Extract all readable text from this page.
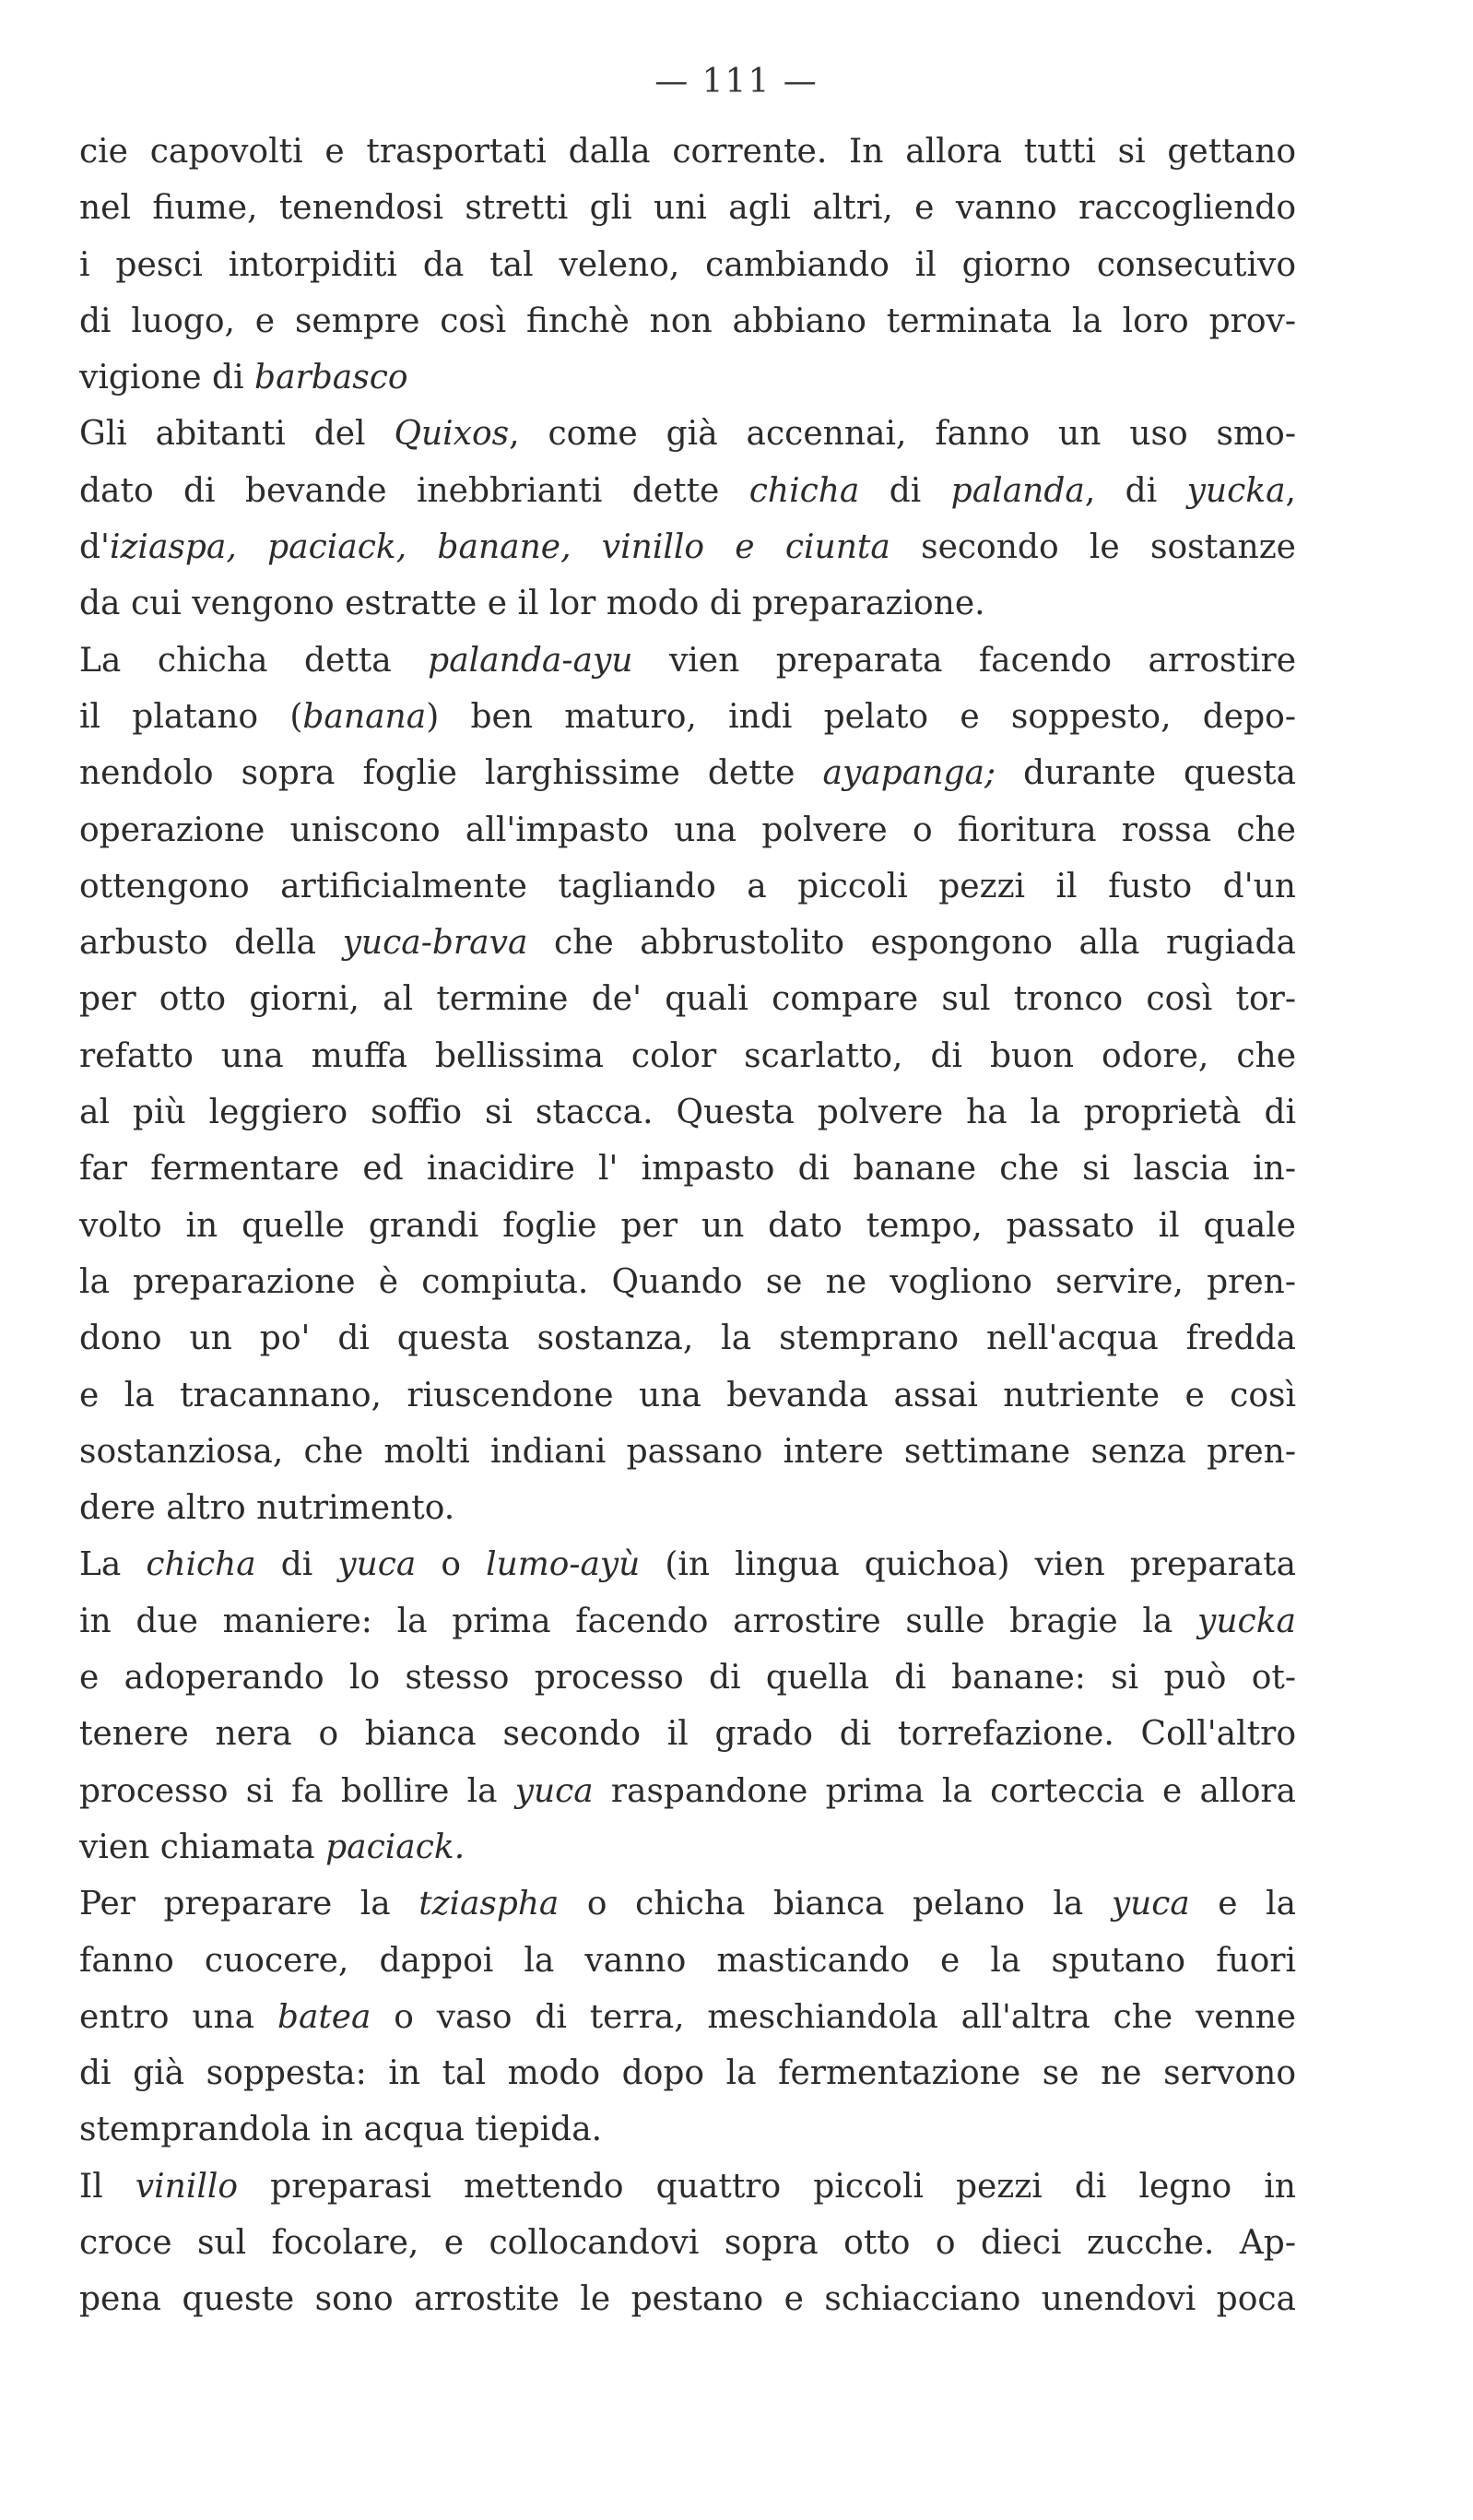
— 111 —
cie capovolti e trasportati dalla corrente. In allora tutti si gettano
nel fiume, tenendosi stretti gli uni agli altri, e vanno raccogliendo
i pesci intorpiditi da tal veleno, cambiando il giorno consecutivo
di luogo, e sempre così finchè non abbiano terminata la loro prov-
vigione di barbasco
Gli abitanti del Quixos, come già accennai, fanno un uso smo-
dato di bevande inebbrianti dette chicha di palanda, di yucka,
d'iziaspa, paciack, banane, vinillo e ciunta secondo le sostanze
da cui vengono estratte e il lor modo di preparazione.
La chicha detta palanda-ayu vien preparata facendo arrostire
il platano (banana) ben maturo, indi pelato e soppesto, depo-
nendolo sopra foglie larghissime dette ayapanga; durante questa
operazione uniscono all'impasto una polvere o fioritura rossa che
ottengono artificialmente tagliando a piccoli pezzi il fusto d'un
arbusto della yuca-brava che abbrustolito espongono alla rugiada
per otto giorni, al termine de' quali compare sul tronco così tor-
refatto una muffa bellissima color scarlatto, di buon odore, che
al più leggiero soffio si stacca. Questa polvere ha la proprietà di
far fermentare ed inacidire l' impasto di banane che si lascia in-
volto in quelle grandi foglie per un dato tempo, passato il quale
la preparazione è compiuta. Quando se ne vogliono servire, pren-
dono un po' di questa sostanza, la stemprano nell'acqua fredda
e la tracannano, riuscendone una bevanda assai nutriente e così
sostanziosa, che molti indiani passano intere settimane senza pren-
dere altro nutrimento.
La chicha di yuca o lumo-ayù (in lingua quichoa) vien preparata
in due maniere: la prima facendo arrostire sulle bragie la yucka
e adoperando lo stesso processo di quella di banane: si può ot-
tenere nera o bianca secondo il grado di torrefazione. Coll'altro
processo si fa bollire la yuca raspandone prima la corteccia e allora
vien chiamata paciack.
Per preparare la tziaspha o chicha bianca pelano la yuca e la
fanno cuocere, dappoi la vanno masticando e la sputano fuori
entro una batea o vaso di terra, meschiandola all'altra che venne
di già soppesta: in tal modo dopo la fermentazione se ne servono
stemprandola in acqua tiepida.
Il vinillo preparasi mettendo quattro piccoli pezzi di legno in
croce sul focolare, e collocandovi sopra otto o dieci zucche. Ap-
pena queste sono arrostite le pestano e schiacciano unendovi poca
